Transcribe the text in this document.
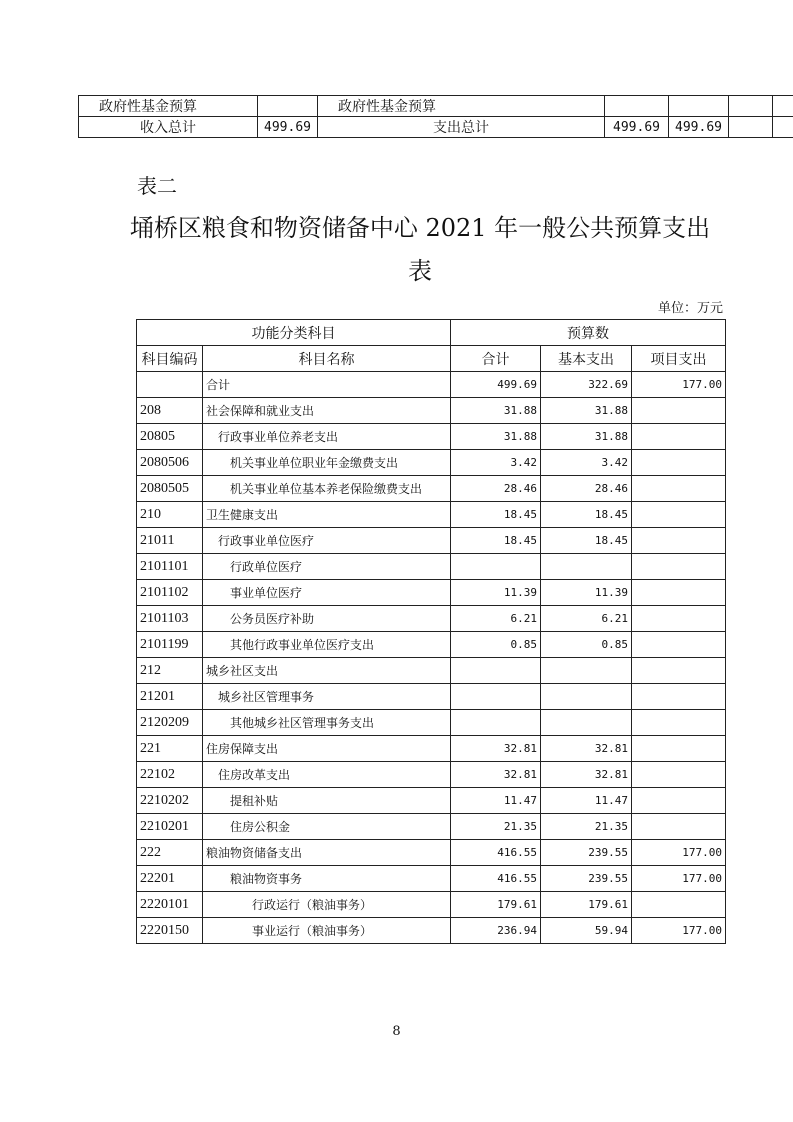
政府性基金预算		政府性基金预算				
收入总计	499.69	支出总计	499.69	499.69		
表二
埇桥区粮食和物资储备中心 2021 年一般公共预算支出
表
单位：万元
功能分类科目		预算数		
科目编码	科目名称	合计	基本支出	项目支出
	合计	499.69	322.69	177.00
208	社会保障和就业支出	31.88	31.88	
20805	行政事业单位养老支出	31.88	31.88	
2080506	机关事业单位职业年金缴费支出	3.42	3.42	
2080505	机关事业单位基本养老保险缴费支出	28.46	28.46	
210	卫生健康支出	18.45	18.45	
21011	行政事业单位医疗	18.45	18.45	
2101101	行政单位医疗			
2101102	事业单位医疗	11.39	11.39	
2101103	公务员医疗补助	6.21	6.21	
2101199	其他行政事业单位医疗支出	0.85	0.85	
212	城乡社区支出			
21201	城乡社区管理事务			
2120209	其他城乡社区管理事务支出			
221	住房保障支出	32.81	32.81	
22102	住房改革支出	32.81	32.81	
2210202	提租补贴	11.47	11.47	
2210201	住房公积金	21.35	21.35	
222	粮油物资储备支出	416.55	239.55	177.00
22201	粮油物资事务	416.55	239.55	177.00
2220101	行政运行（粮油事务）	179.61	179.61	
2220150	事业运行（粮油事务）	236.94	59.94	177.00
8
